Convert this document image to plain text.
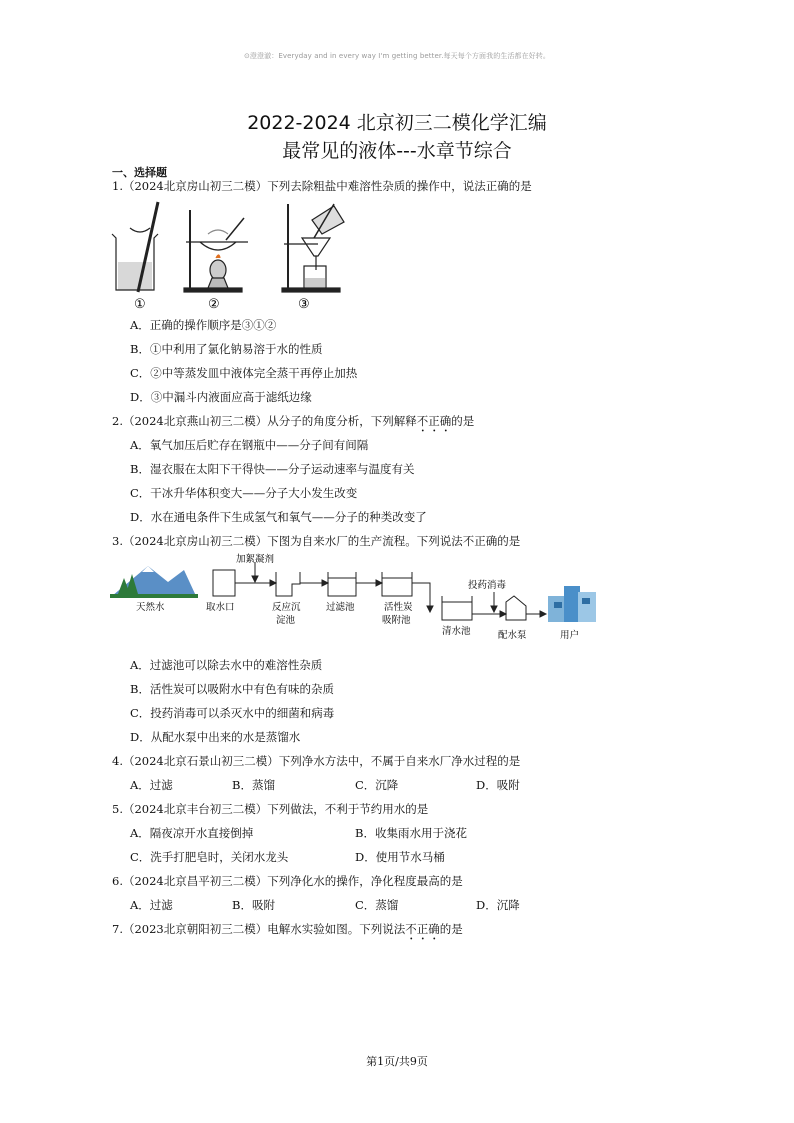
⊙澄澄澈：Everyday and in every way I'm getting better.每天每个方面我的生活都在好转。
2022-2024 北京初三二模化学汇编
最常见的液体---水章节综合
一、选择题
1.（2024北京房山初三二模）下列去除粗盐中难溶性杂质的操作中，说法正确的是
①	②	③
A．正确的操作顺序是③①②
B．①中利用了氯化钠易溶于水的性质
C．②中等蒸发皿中液体完全蒸干再停止加热
D．③中漏斗内液面应高于滤纸边缘
2.（2024北京燕山初三二模）从分子的角度分析，下列解释不正确的是
A．氧气加压后贮存在钢瓶中——分子间有间隔
B．湿衣服在太阳下干得快——分子运动速率与温度有关
C．干冰升华体积变大——分子大小发生改变
D．水在通电条件下生成氢气和氧气——分子的种类改变了
3.（2024北京房山初三二模）下图为自来水厂的生产流程。下列说法不正确的是
天然水	取水口
加絮凝剂
反应沉
淀池
过滤池	活性炭
吸附池
投药消毒
清水池	配水泵	用户
A．过滤池可以除去水中的难溶性杂质
B．活性炭可以吸附水中有色有味的杂质
C．投药消毒可以杀灭水中的细菌和病毒
D．从配水泵中出来的水是蒸馏水
4.（2024北京石景山初三二模）下列净水方法中，不属于自来水厂净水过程的是
A．过滤	B．蒸馏	C．沉降	D．吸附
5.（2024北京丰台初三二模）下列做法，不利于节约用水的是
A．隔夜凉开水直接倒掉	B．收集雨水用于浇花
C．洗手打肥皂时，关闭水龙头	D．使用节水马桶
6.（2024北京昌平初三二模）下列净化水的操作，净化程度最高的是
A．过滤	B．吸附	C．蒸馏	D．沉降
7.（2023北京朝阳初三二模）电解水实验如图。下列说法不正确的是
第1页/共9页
